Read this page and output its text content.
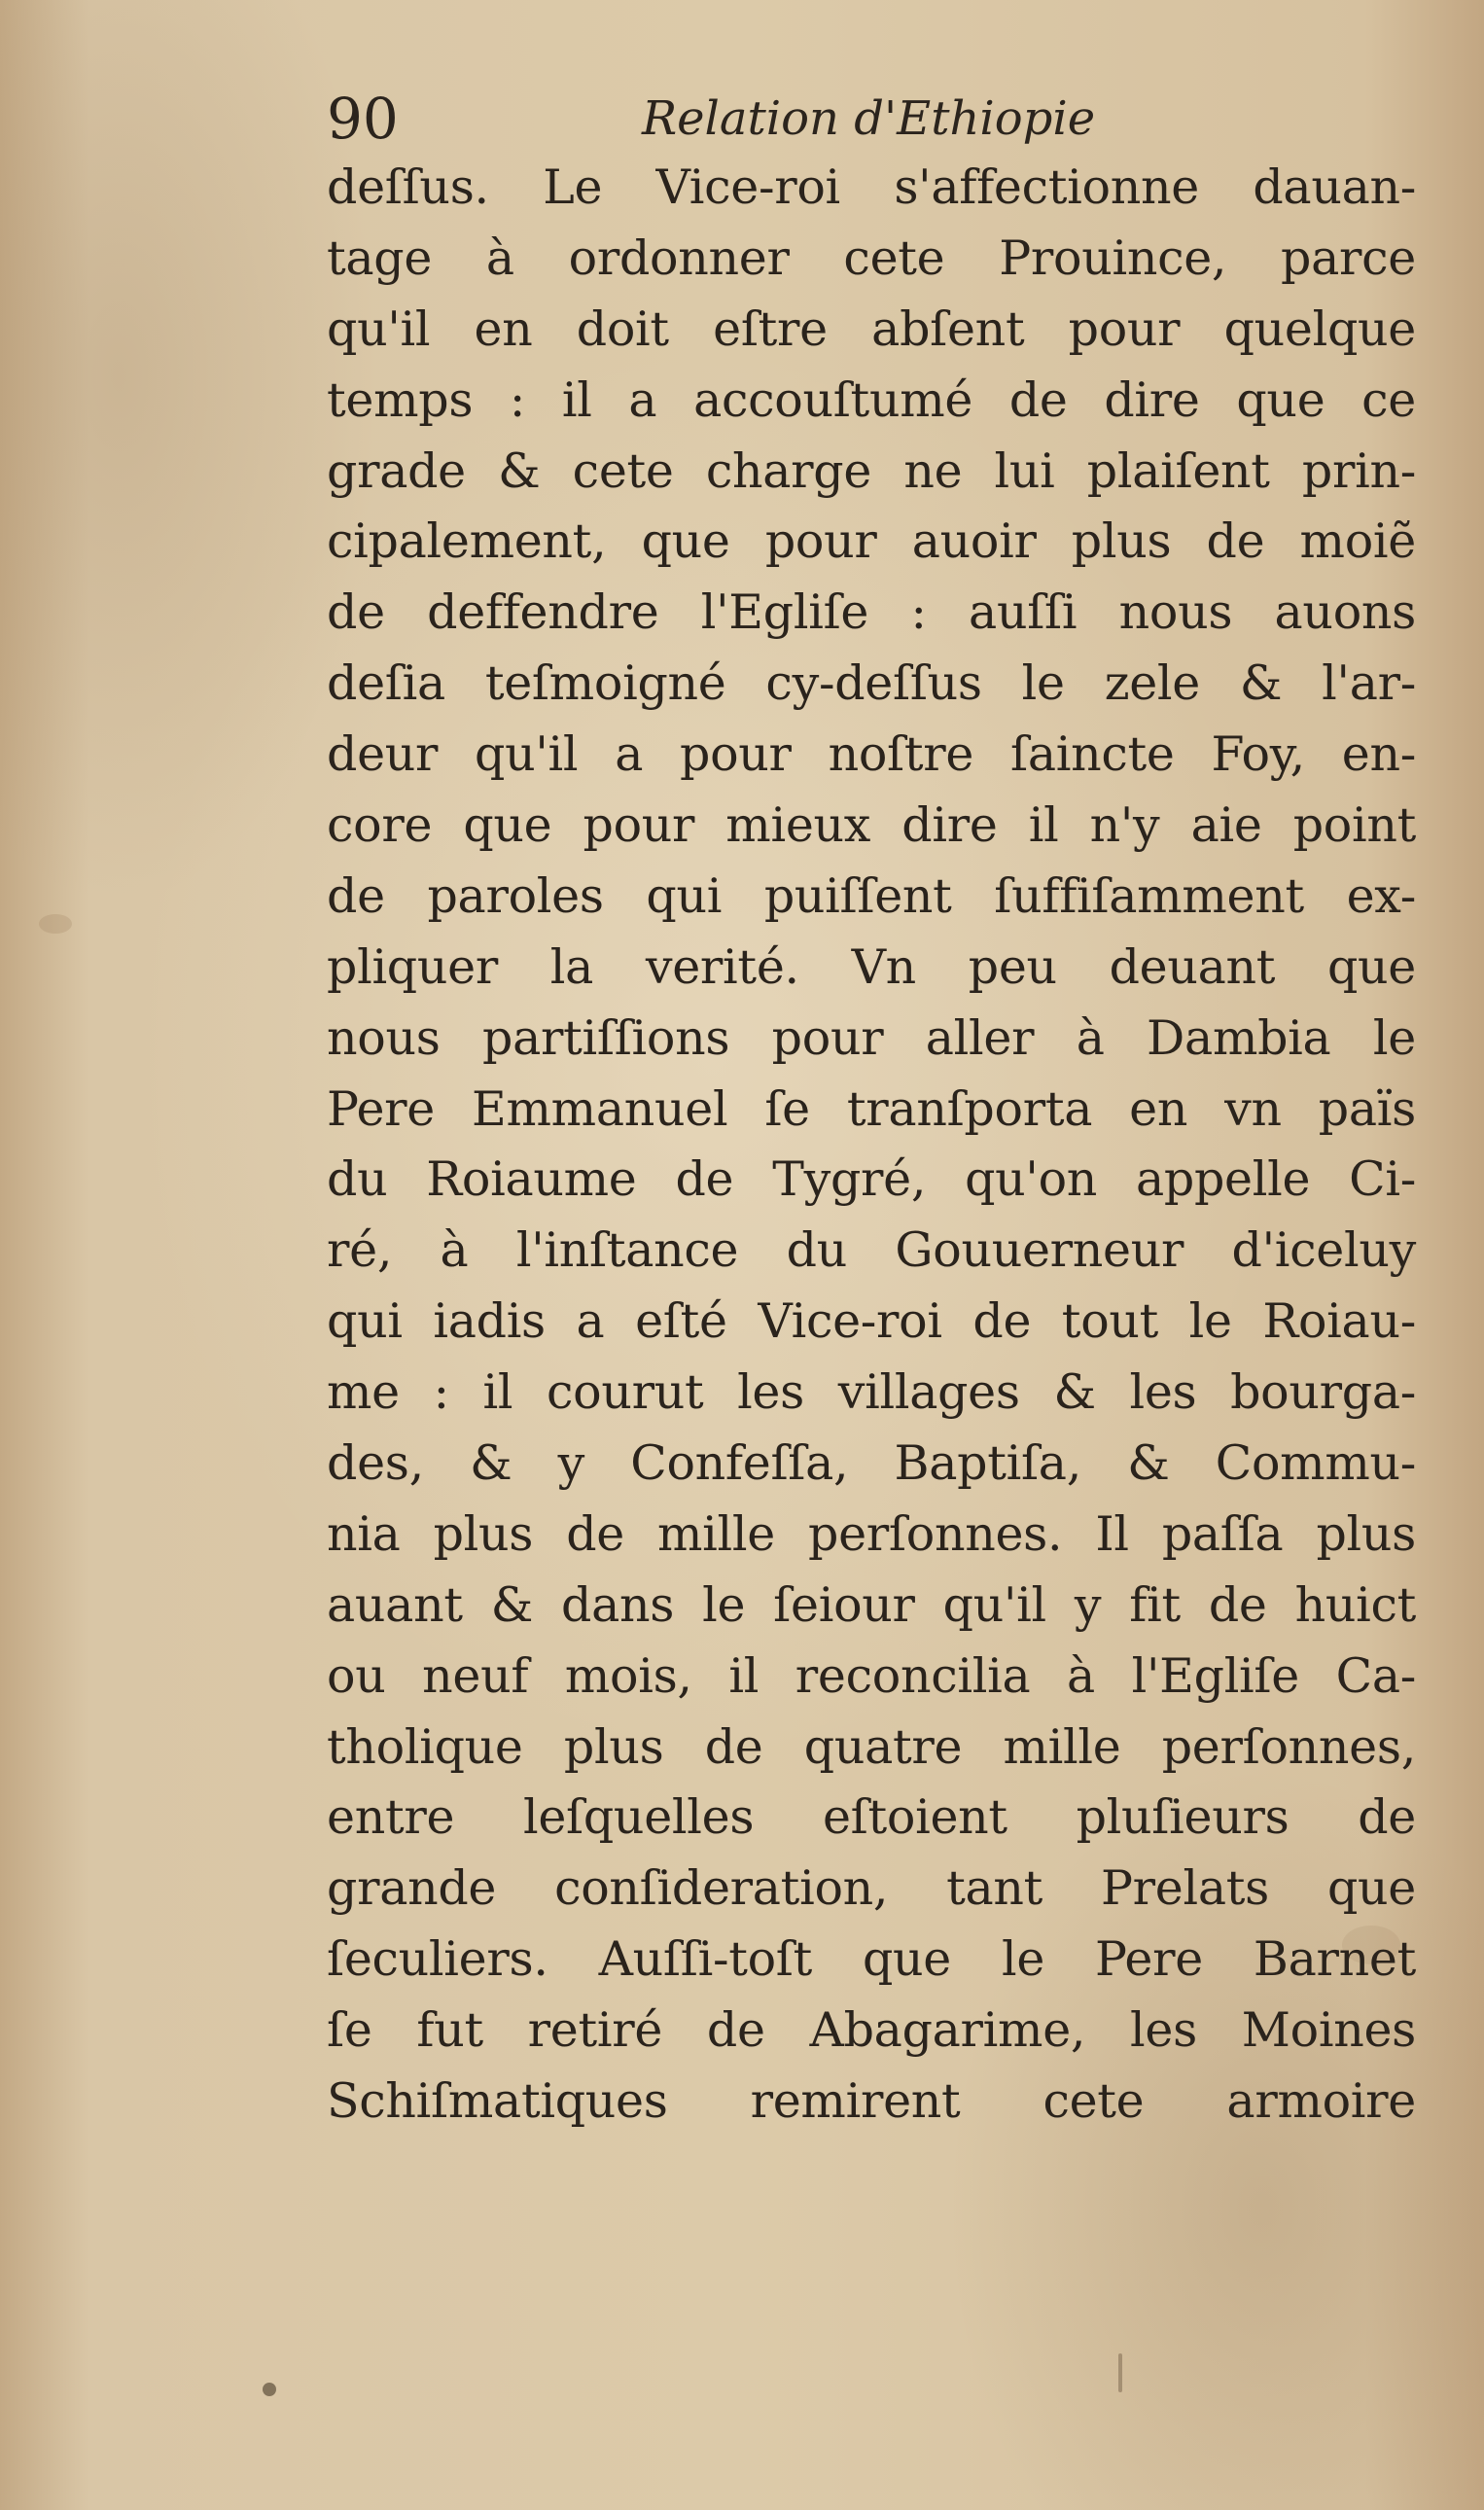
90	Relation d'Ethiopie
deſſus. Le Vice-roi s'affectionne dauan-
tage à ordonner cete Prouince, parce
qu'il en doit eſtre abſent pour quelque
temps : il a accouſtumé de dire que ce
grade & cete charge ne lui plaiſent prin-
cipalement, que pour auoir plus de moiẽ
de deffendre l'Egliſe : auſſi nous auons
deſia teſmoigné cy-deſſus le zele & l'ar-
deur qu'il a pour noſtre ſaincte Foy, en-
core que pour mieux dire il n'y aie point
de paroles qui puiſſent ſuffiſamment ex-
pliquer la verité. Vn peu deuant que
nous partiſſions pour aller à Dambia le
Pere Emmanuel ſe tranſporta en vn païs
du Roiaume de Tygré, qu'on appelle Ci-
ré, à l'inſtance du Gouuerneur d'iceluy
qui iadis a eſté Vice-roi de tout le Roiau-
me : il courut les villages & les bourga-
des, & y Confeſſa, Baptiſa, & Commu-
nia plus de mille perſonnes. Il paſſa plus
auant & dans le ſeiour qu'il y fit de huict
ou neuf mois, il reconcilia à l'Egliſe Ca-
tholique plus de quatre mille perſonnes,
entre leſquelles eſtoient pluſieurs de
grande conſideration, tant Prelats que
ſeculiers. Auſſi-toſt que le Pere Barnet
ſe fut retiré de Abagarime, les Moines
Schiſmatiques remirent cete armoire
